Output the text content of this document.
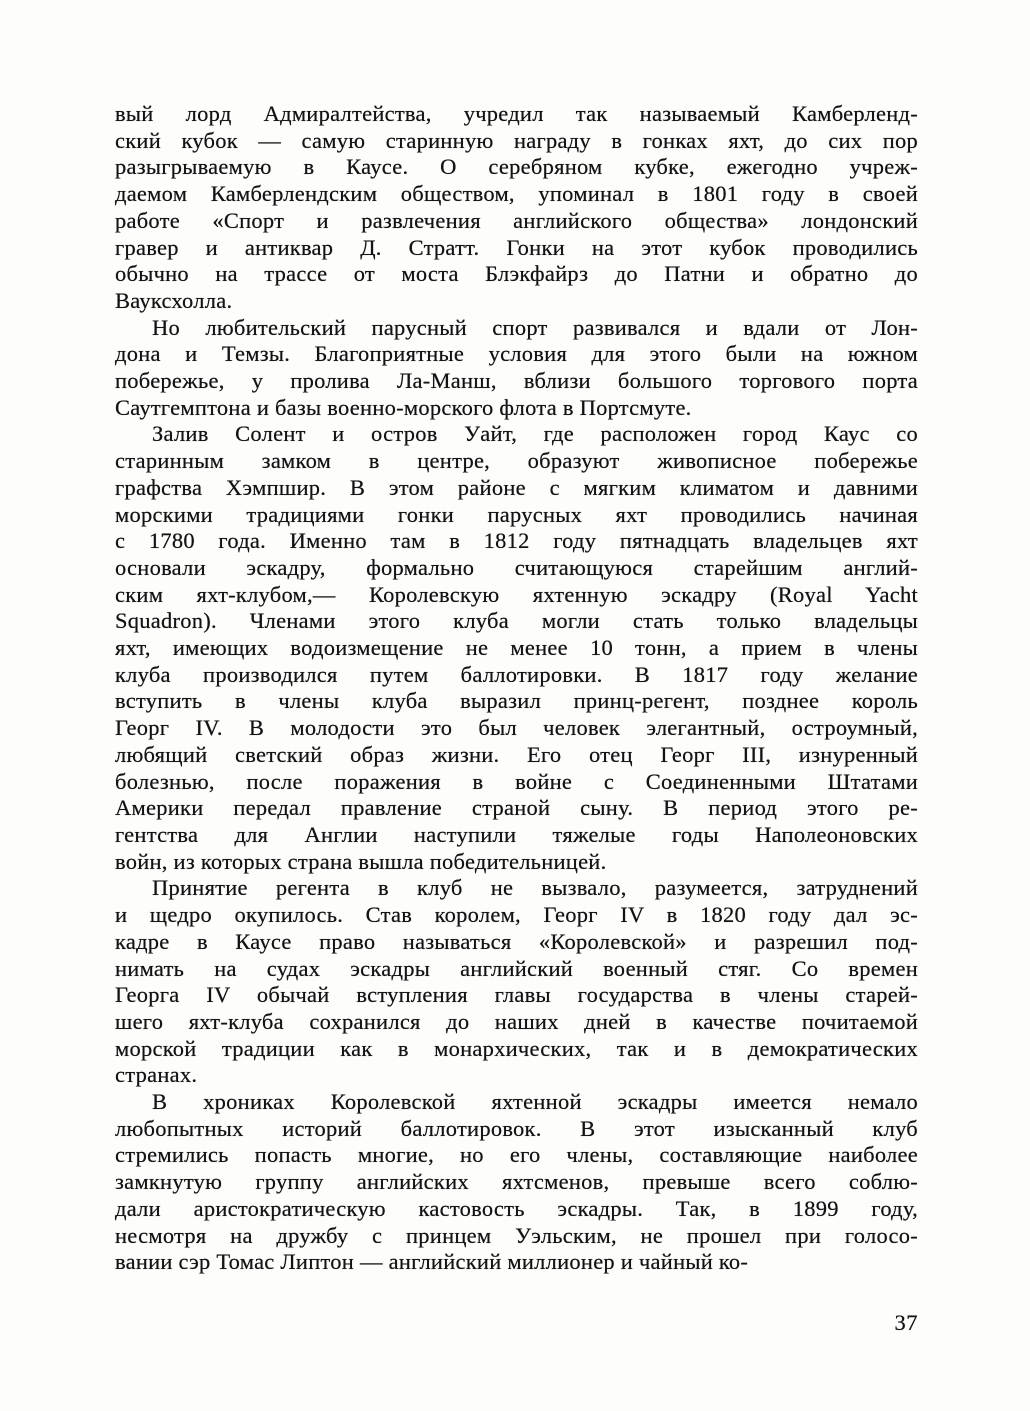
вый лорд Адмиралтейства, учредил так называемый Камберленд-
ский кубок — самую старинную награду в гонках яхт, до сих пор
разыгрываемую в Каусе. О серебряном кубке, ежегодно учреж-
даемом Камберлендским обществом, упоминал в 1801 году в своей
работе «Спорт и развлечения английского общества» лондонский
гравер и антиквар Д. Стратт. Гонки на этот кубок проводились
обычно на трассе от моста Блэкфайрз до Патни и обратно до
Вауксхолла.

Но любительский парусный спорт развивался и вдали от Лон-
дона и Темзы. Благоприятные условия для этого были на южном
побережье, у пролива Ла-Манш, вблизи большого торгового порта
Саутгемптона и базы военно-морского флота в Портсмуте.

Залив Солент и остров Уайт, где расположен город Каус со
старинным замком в центре, образуют живописное побережье
графства Хэмпшир. В этом районе с мягким климатом и давними
морскими традициями гонки парусных яхт проводились начиная
с 1780 года. Именно там в 1812 году пятнадцать владельцев яхт
основали эскадру, формально считающуюся старейшим англий-
ским яхт-клубом,— Королевскую яхтенную эскадру (Royal Yacht
Squadron). Членами этого клуба могли стать только владельцы
яхт, имеющих водоизмещение не менее 10 тонн, а прием в члены
клуба производился путем баллотировки. В 1817 году желание
вступить в члены клуба выразил принц-регент, позднее король
Георг IV. В молодости это был человек элегантный, остроумный,
любящий светский образ жизни. Его отец Георг III, изнуренный
болезнью, после поражения в войне с Соединенными Штатами
Америки передал правление страной сыну. В период этого ре-
гентства для Англии наступили тяжелые годы Наполеоновских
войн, из которых страна вышла победительницей.

Принятие регента в клуб не вызвало, разумеется, затруднений
и щедро окупилось. Став королем, Георг IV в 1820 году дал эс-
кадре в Каусе право называться «Королевской» и разрешил под-
нимать на судах эскадры английский военный стяг. Со времен
Георга IV обычай вступления главы государства в члены старей-
шего яхт-клуба сохранился до наших дней в качестве почитаемой
морской традиции как в монархических, так и в демократических
странах.

В хрониках Королевской яхтенной эскадры имеется немало
любопытных историй баллотировок. В этот изысканный клуб
стремились попасть многие, но его члены, составляющие наиболее
замкнутую группу английских яхтсменов, превыше всего соблю-
дали аристократическую кастовость эскадры. Так, в 1899 году,
несмотря на дружбу с принцем Уэльским, не прошел при голосо-
вании сэр Томас Липтон — английский миллионер и чайный ко-

37
